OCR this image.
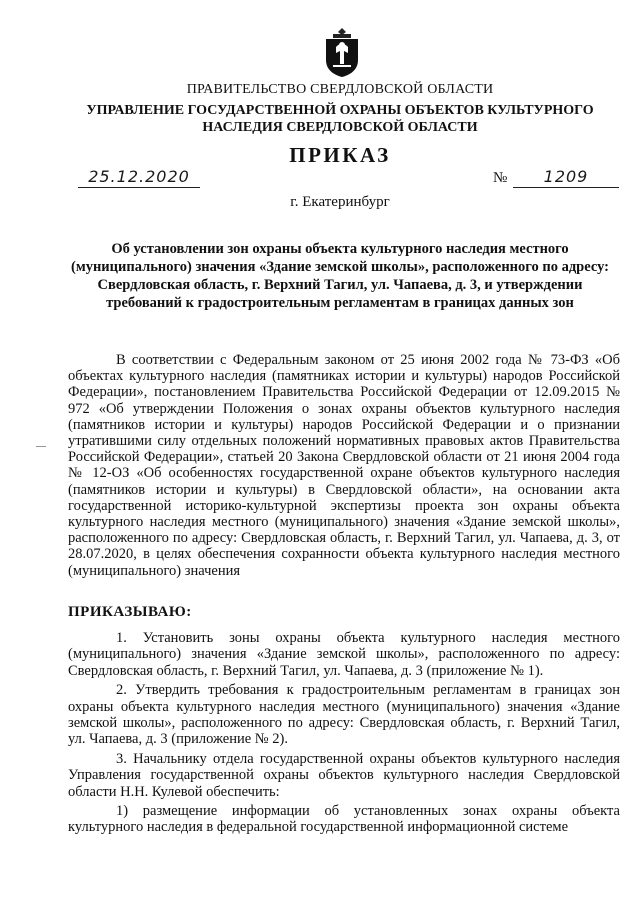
ПРАВИТЕЛЬСТВО СВЕРДЛОВСКОЙ ОБЛАСТИ
УПРАВЛЕНИЕ ГОСУДАРСТВЕННОЙ ОХРАНЫ ОБЪЕКТОВ КУЛЬТУРНОГО НАСЛЕДИЯ СВЕРДЛОВСКОЙ ОБЛАСТИ
ПРИКАЗ
25.12.2020	№	1209
г. Екатеринбург
Об установлении зон охраны объекта культурного наследия местного (муниципального) значения «Здание земской школы», расположенного по адресу: Свердловская область, г. Верхний Тагил, ул. Чапаева, д. 3, и утверждении требований к градостроительным регламентам в границах данных зон

В соответствии с Федеральным законом от 25 июня 2002 года № 73-ФЗ «Об объектах культурного наследия (памятниках истории и культуры) народов Российской Федерации», постановлением Правительства Российской Федерации от 12.09.2015 № 972 «Об утверждении Положения о зонах охраны объектов культурного наследия (памятников истории и культуры) народов Российской Федерации и о признании утратившими силу отдельных положений нормативных правовых актов Правительства Российской Федерации», статьей 20 Закона Свердловской области от 21 июня 2004 года № 12-ОЗ «Об особенностях государственной охране объектов культурного наследия (памятников истории и культуры) в Свердловской области», на основании акта государственной историко-культурной экспертизы проекта зон охраны объекта культурного наследия местного (муниципального) значения «Здание земской школы», расположенного по адресу: Свердловская область, г. Верхний Тагил, ул. Чапаева, д. 3, от 28.07.2020, в целях обеспечения сохранности объекта культурного наследия местного (муниципального) значения

ПРИКАЗЫВАЮ:

1. Установить зоны охраны объекта культурного наследия местного (муниципального) значения «Здание земской школы», расположенного по адресу: Свердловская область, г. Верхний Тагил, ул. Чапаева, д. 3 (приложение № 1).

2. Утвердить требования к градостроительным регламентам в границах зон охраны объекта культурного наследия местного (муниципального) значения «Здание земской школы», расположенного по адресу: Свердловская область, г. Верхний Тагил, ул. Чапаева, д. 3 (приложение № 2).

3. Начальнику отдела государственной охраны объектов культурного наследия Управления государственной охраны объектов культурного наследия Свердловской области Н.Н. Кулевой обеспечить:

1) размещение информации об установленных зонах охраны объекта культурного наследия в федеральной государственной информационной системе
